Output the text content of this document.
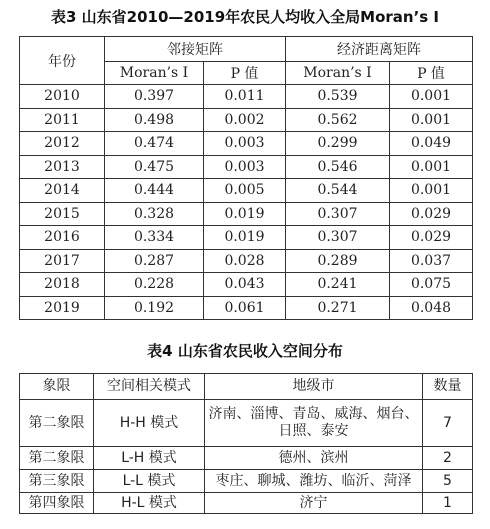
表3 山东省2010—2019年农民人均收入全局Moran’s I
年份	邻接矩阵		经济距离矩阵	
	Moran’s I	P 值	Moran’s I	P 值
2010	0.397	0.011	0.539	0.001
2011	0.498	0.002	0.562	0.001
2012	0.474	0.003	0.299	0.049
2013	0.475	0.003	0.546	0.001
2014	0.444	0.005	0.544	0.001
2015	0.328	0.019	0.307	0.029
2016	0.334	0.019	0.307	0.029
2017	0.287	0.028	0.289	0.037
2018	0.228	0.043	0.241	0.075
2019	0.192	0.061	0.271	0.048
表4 山东省农民收入空间分布
象限	空间相关模式	地级市	数量
第二象限	H-H 模式	济南、淄博、青岛、威海、烟台、日照、泰安	7
第二象限	L-H 模式	德州、滨州	2
第三象限	L-L 模式	枣庄、聊城、潍坊、临沂、菏泽	5
第四象限	H-L 模式	济宁	1
